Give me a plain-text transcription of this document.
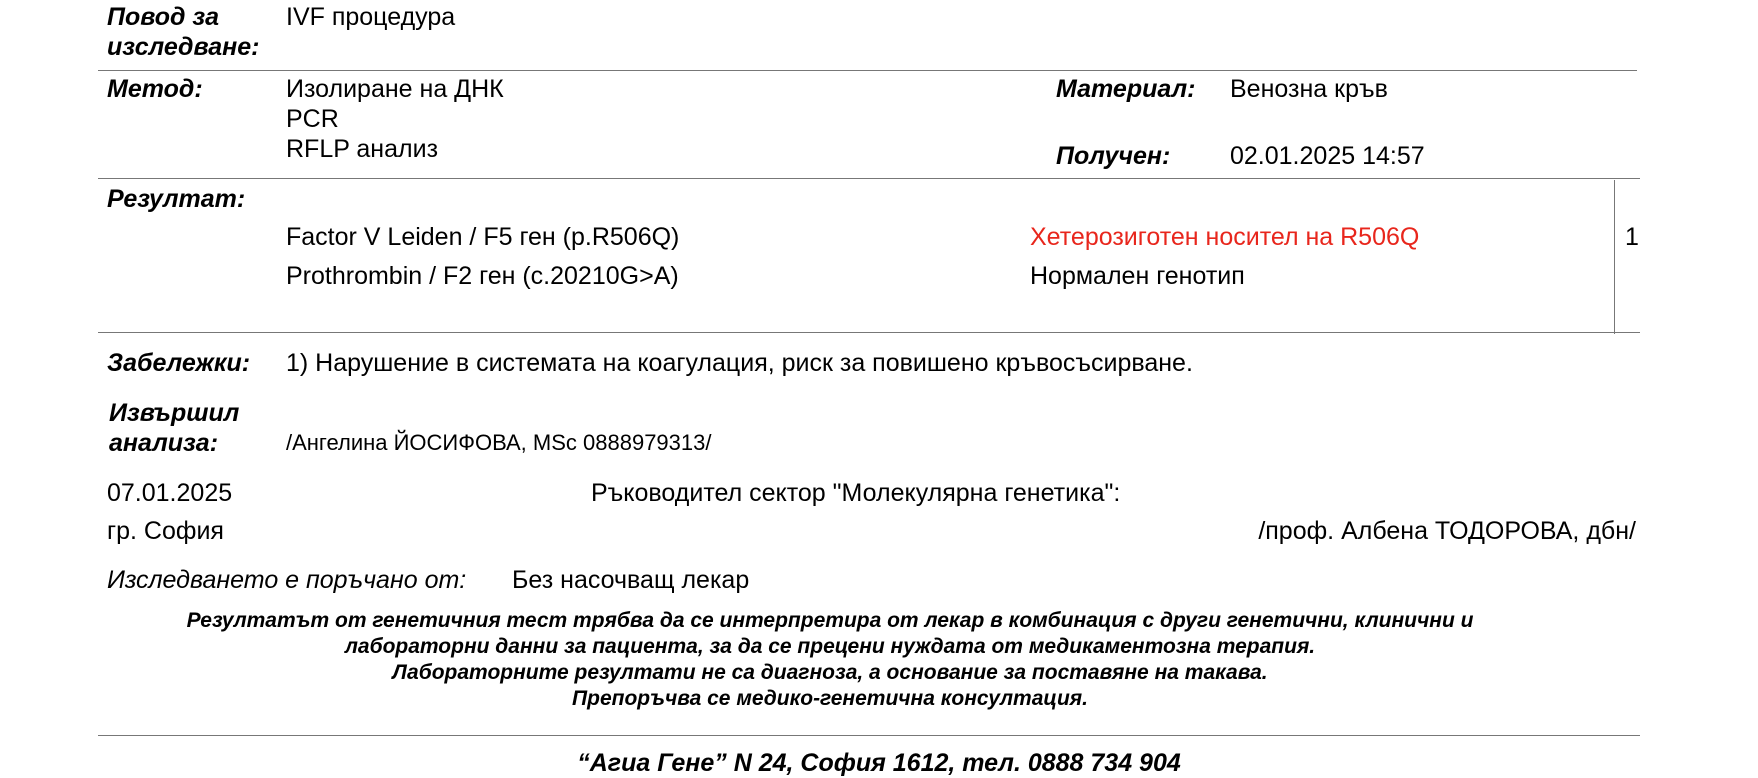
Повод за
изследване:
IVF процедура
Метод:	Изолиране на ДНК
PCR
RFLP анализ
Материал: Венозна кръв
Получен: 02.01.2025 14:57
Резултат:
Factor V Leiden / F5 ген (p.R506Q)	Хетерозиготен носител на R506Q	1
Prothrombin / F2 ген (c.20210G>A)	Нормален генотип
Забележки: 1) Нарушение в системата на коагулация, риск за повишено кръвосъсирване.
Извършил
анализа:	/Ангелина ЙОСИФОВА, MSc 0888979313/
07.01.2025	Ръководител сектор "Молекулярна генетика":
гр. София	/проф. Албена ТОДОРОВА, дбн/
Изследването е поръчано от: Без насочващ лекар
Резултатът от генетичния тест трябва да се интерпретира от лекар в комбинация с други генетични, клинични и
лабораторни данни за пациента, за да се прецени нуждата от медикаментозна терапия.
Лабораторните резултати не са диагноза, а основание за поставяне на такава.
Препоръчва се медико-генетична консултация.
“Агиа Гене” N 24, София 1612, тел. 0888 734 904
